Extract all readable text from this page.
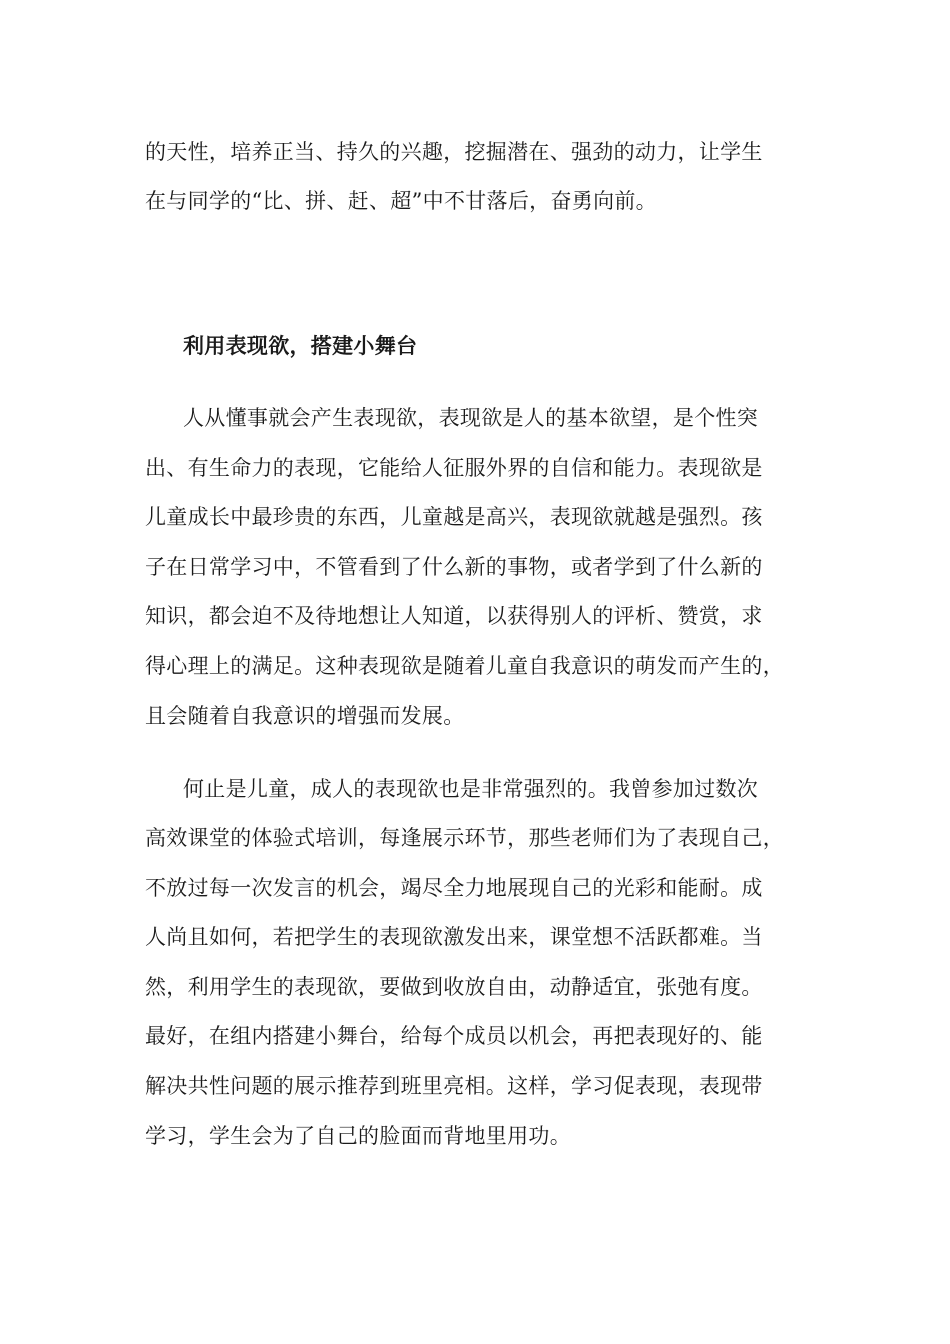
的天性，培养正当、持久的兴趣，挖掘潜在、强劲的动力，让学生
在与同学的“比、拼、赶、超”中不甘落后，奋勇向前。
利用表现欲，搭建小舞台
人从懂事就会产生表现欲，表现欲是人的基本欲望，是个性突
出、有生命力的表现，它能给人征服外界的自信和能力。表现欲是
儿童成长中最珍贵的东西，儿童越是高兴，表现欲就越是强烈。孩
子在日常学习中，不管看到了什么新的事物，或者学到了什么新的
知识，都会迫不及待地想让人知道，以获得别人的评析、赞赏，求
得心理上的满足。这种表现欲是随着儿童自我意识的萌发而产生的，
且会随着自我意识的增强而发展。
何止是儿童，成人的表现欲也是非常强烈的。我曾参加过数次
高效课堂的体验式培训，每逢展示环节，那些老师们为了表现自己，
不放过每一次发言的机会，竭尽全力地展现自己的光彩和能耐。成
人尚且如何，若把学生的表现欲激发出来，课堂想不活跃都难。当
然，利用学生的表现欲，要做到收放自由，动静适宜，张弛有度。
最好，在组内搭建小舞台，给每个成员以机会，再把表现好的、能
解决共性问题的展示推荐到班里亮相。这样，学习促表现，表现带
学习，学生会为了自己的脸面而背地里用功。
